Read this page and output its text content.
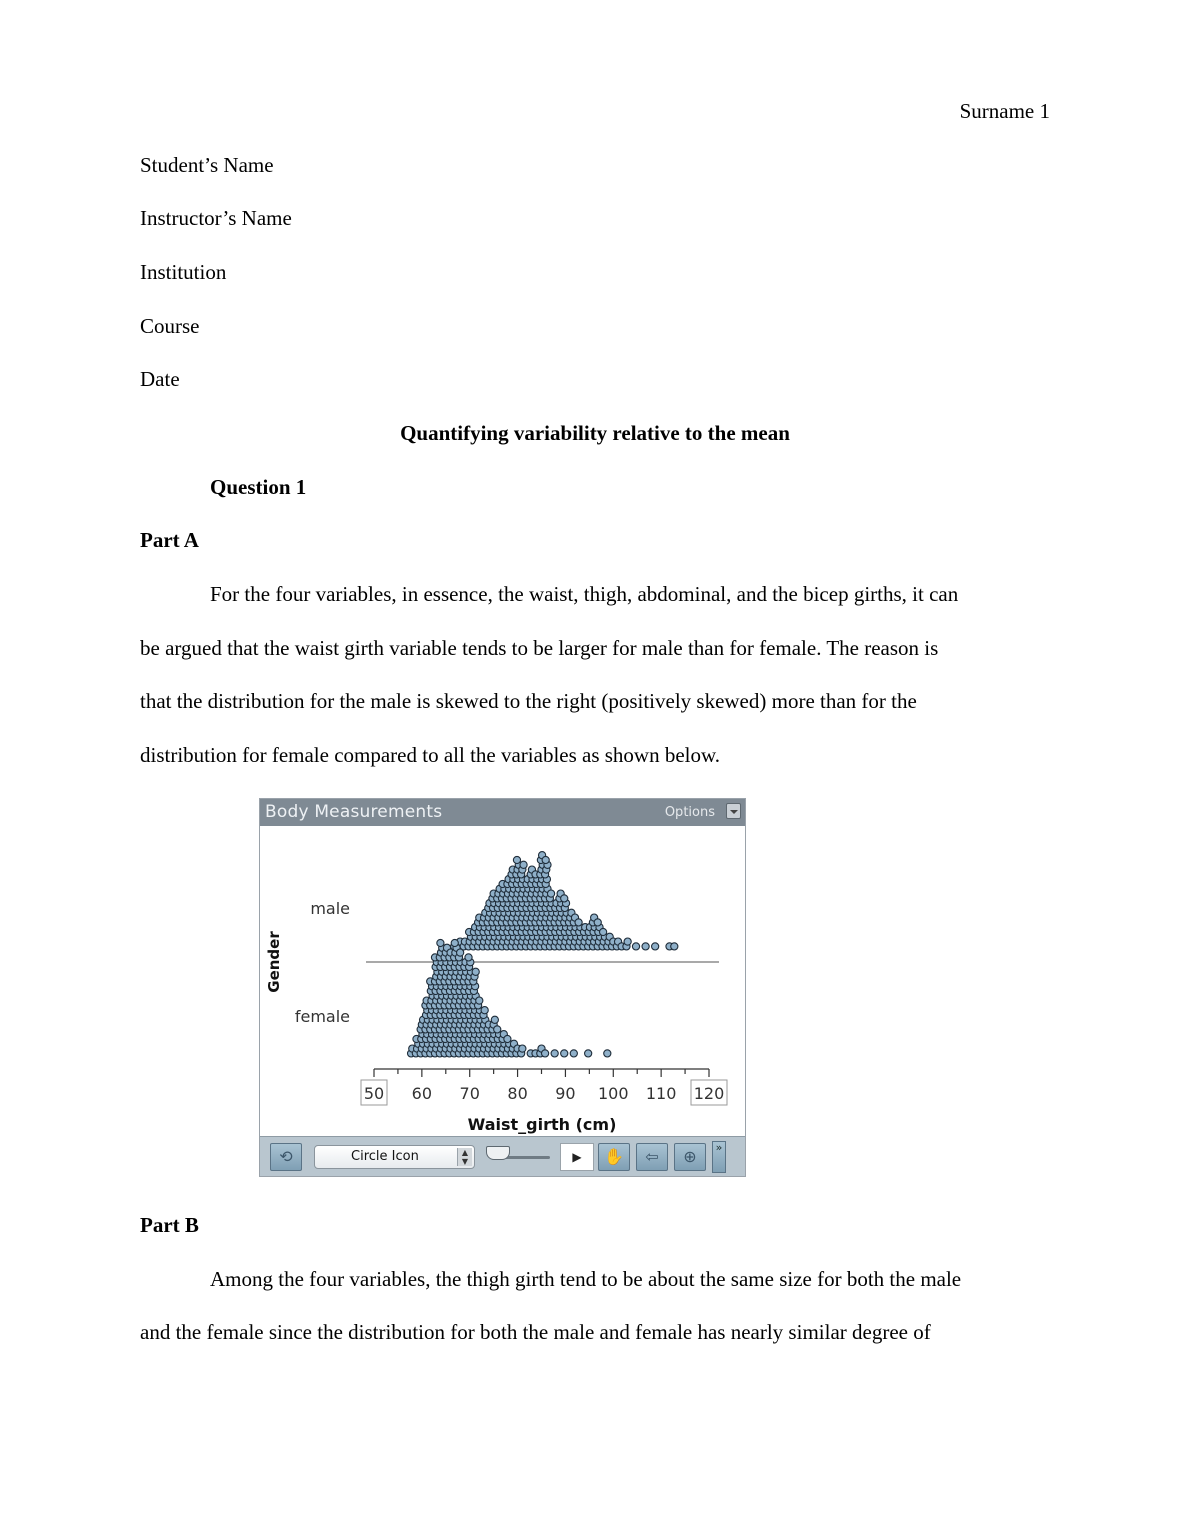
Surname 1
Student’s Name
Instructor’s Name
Institution
Course
Date
Quantifying variability relative to the mean
Question 1
Part A
For the four variables, in essence, the waist, thigh, abdominal, and the bicep girths, it can
be argued that the waist girth variable tends to be larger for male than for female. The reason is
that the distribution for the male is skewed to the right (positively skewed) more than for the
distribution for female compared to all the variables as shown below.
Body Measurements	Options
male
female
Gender
50 60 70 80 90 100 110 120
Waist_girth (cm)
⟲	Circle Icon	▲
▼	▶	✋	⇦	⊕	»
Part B
Among the four variables, the thigh girth tend to be about the same size for both the male
and the female since the distribution for both the male and female has nearly similar degree of
